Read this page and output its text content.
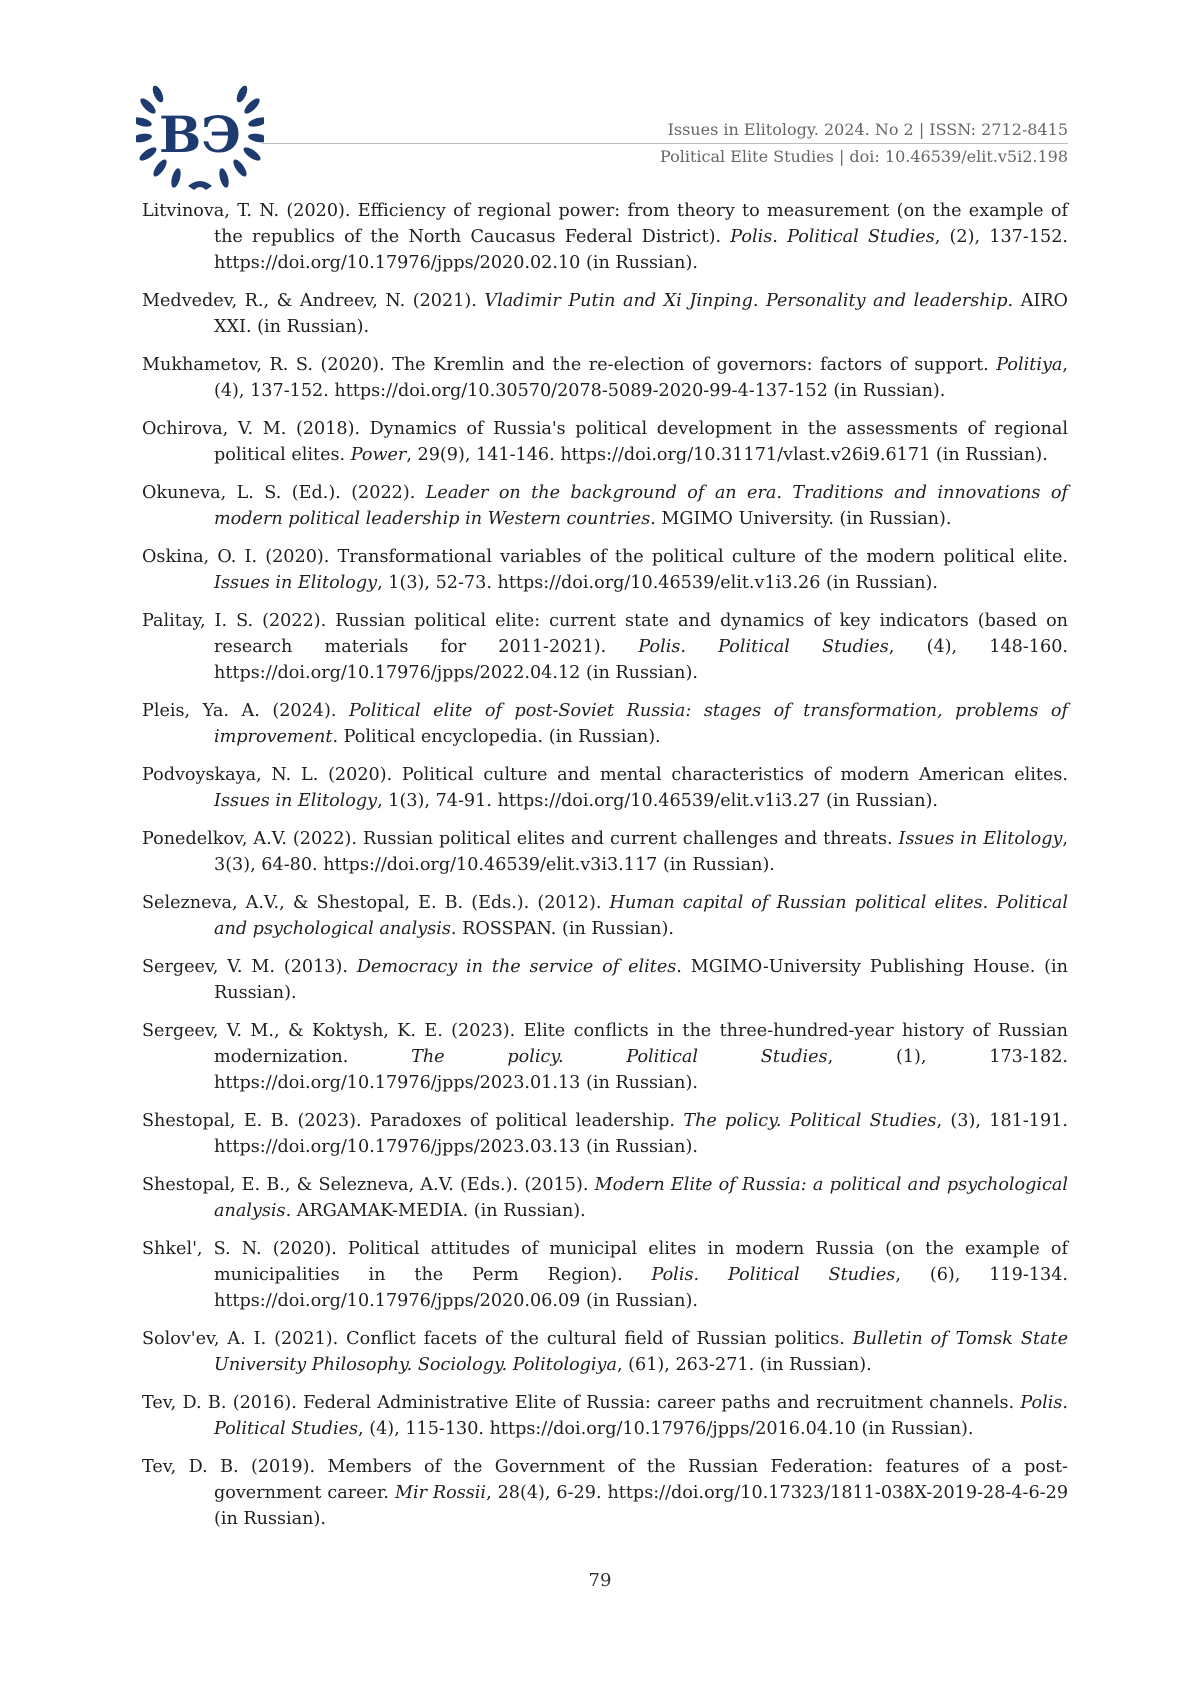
ВЭ	Issues in Elitology. 2024. No 2 | ISSN: 2712-8415
Political Elite Studies | doi: 10.46539/elit.v5i2.198
Litvinova, T. N. (2020). Efficiency of regional power: from theory to measurement (on the example of the republics of the North Caucasus Federal District). Polis. Political Studies, (2), 137-152. https://doi.org/10.17976/jpps/2020.02.10 (in Russian).
Medvedev, R., & Andreev, N. (2021). Vladimir Putin and Xi Jinping. Personality and leadership. AIRO XXI. (in Russian).
Mukhametov, R. S. (2020). The Kremlin and the re-election of governors: factors of support. Politiya, (4), 137-152. https://doi.org/10.30570/2078-5089-2020-99-4-137-152 (in Russian).
Ochirova, V. M. (2018). Dynamics of Russia's political development in the assessments of regional political elites. Power, 29(9), 141-146. https://doi.org/10.31171/vlast.v26i9.6171 (in Russian).
Okuneva, L. S. (Ed.). (2022). Leader on the background of an era. Traditions and innovations of modern political leadership in Western countries. MGIMO University. (in Russian).
Oskina, O. I. (2020). Transformational variables of the political culture of the modern political elite. Issues in Elitology, 1(3), 52-73. https://doi.org/10.46539/elit.v1i3.26 (in Russian).
Palitay, I. S. (2022). Russian political elite: current state and dynamics of key indicators (based on research materials for 2011-2021). Polis. Political Studies, (4), 148-160. https://doi.org/10.17976/jpps/2022.04.12 (in Russian).
Pleis, Ya. A. (2024). Political elite of post-Soviet Russia: stages of transformation, problems of improvement. Political encyclopedia. (in Russian).
Podvoyskaya, N. L. (2020). Political culture and mental characteristics of modern American elites. Issues in Elitology, 1(3), 74-91. https://doi.org/10.46539/elit.v1i3.27 (in Russian).
Ponedelkov, A.V. (2022). Russian political elites and current challenges and threats. Issues in Elitology, 3(3), 64-80. https://doi.org/10.46539/elit.v3i3.117 (in Russian).
Selezneva, A.V., & Shestopal, E. B. (Eds.). (2012). Human capital of Russian political elites. Political and psychological analysis. ROSSPAN. (in Russian).
Sergeev, V. M. (2013). Democracy in the service of elites. MGIMO-University Publishing House. (in Russian).
Sergeev, V. M., & Koktysh, K. E. (2023). Elite conflicts in the three-hundred-year history of Russian modernization. The policy. Political Studies, (1), 173-182. https://doi.org/10.17976/jpps/2023.01.13 (in Russian).
Shestopal, E. B. (2023). Paradoxes of political leadership. The policy. Political Studies, (3), 181-191. https://doi.org/10.17976/jpps/2023.03.13 (in Russian).
Shestopal, E. B., & Selezneva, A.V. (Eds.). (2015). Modern Elite of Russia: a political and psychological analysis. ARGAMAK-MEDIA. (in Russian).
Shkel', S. N. (2020). Political attitudes of municipal elites in modern Russia (on the example of municipalities in the Perm Region). Polis. Political Studies, (6), 119-134. https://doi.org/10.17976/jpps/2020.06.09 (in Russian).
Solov'ev, A. I. (2021). Conflict facets of the cultural field of Russian politics. Bulletin of Tomsk State University Philosophy. Sociology. Politologiya, (61), 263-271. (in Russian).
Tev, D. B. (2016). Federal Administrative Elite of Russia: career paths and recruitment channels. Polis. Political Studies, (4), 115-130. https://doi.org/10.17976/jpps/2016.04.10 (in Russian).
Tev, D. B. (2019). Members of the Government of the Russian Federation: features of a post-government career. Mir Rossii, 28(4), 6-29. https://doi.org/10.17323/1811-038X-2019-28-4-6-29 (in Russian).
79
